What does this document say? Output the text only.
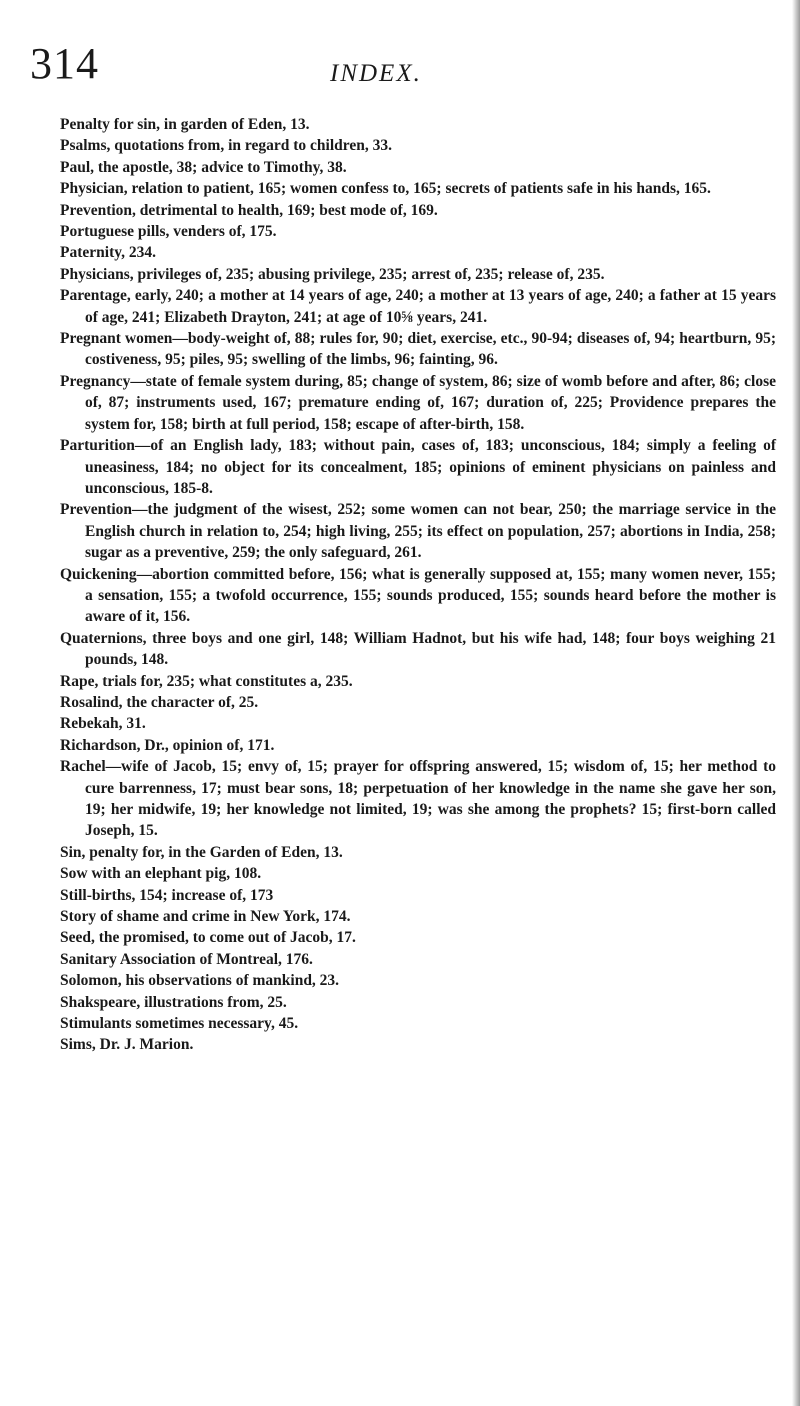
314	INDEX.
Penalty for sin, in garden of Eden, 13.
Psalms, quotations from, in regard to children, 33.
Paul, the apostle, 38; advice to Timothy, 38.
Physician, relation to patient, 165; women confess to, 165; secrets of patients safe in his hands, 165.
Prevention, detrimental to health, 169; best mode of, 169.
Portuguese pills, venders of, 175.
Paternity, 234.
Physicians, privileges of, 235; abusing privilege, 235; arrest of, 235; release of, 235.
Parentage, early, 240; a mother at 14 years of age, 240; a mother at 13 years of age, 240; a father at 15 years of age, 241; Elizabeth Drayton, 241; at age of 10⅝ years, 241.
Pregnant women—body-weight of, 88; rules for, 90; diet, exercise, etc., 90-94; diseases of, 94; heartburn, 95; costiveness, 95; piles, 95; swelling of the limbs, 96; fainting, 96.
Pregnancy—state of female system during, 85; change of system, 86; size of womb before and after, 86; close of, 87; instruments used, 167; premature ending of, 167; duration of, 225; Providence prepares the system for, 158; birth at full period, 158; escape of after-birth, 158.
Parturition—of an English lady, 183; without pain, cases of, 183; unconscious, 184; simply a feeling of uneasiness, 184; no object for its concealment, 185; opinions of eminent physicians on painless and unconscious, 185-8.
Prevention—the judgment of the wisest, 252; some women can not bear, 250; the marriage service in the English church in relation to, 254; high living, 255; its effect on population, 257; abortions in India, 258; sugar as a preventive, 259; the only safeguard, 261.
Quickening—abortion committed before, 156; what is generally supposed at, 155; many women never, 155; a sensation, 155; a twofold occurrence, 155; sounds produced, 155; sounds heard before the mother is aware of it, 156.
Quaternions, three boys and one girl, 148; William Hadnot, but his wife had, 148; four boys weighing 21 pounds, 148.
Rape, trials for, 235; what constitutes a, 235.
Rosalind, the character of, 25.
Rebekah, 31.
Richardson, Dr., opinion of, 171.
Rachel—wife of Jacob, 15; envy of, 15; prayer for offspring answered, 15; wisdom of, 15; her method to cure barrenness, 17; must bear sons, 18; perpetuation of her knowledge in the name she gave her son, 19; her midwife, 19; her knowledge not limited, 19; was she among the prophets? 15; first-born called Joseph, 15.
Sin, penalty for, in the Garden of Eden, 13.
Sow with an elephant pig, 108.
Still-births, 154; increase of, 173
Story of shame and crime in New York, 174.
Seed, the promised, to come out of Jacob, 17.
Sanitary Association of Montreal, 176.
Solomon, his observations of mankind, 23.
Shakspeare, illustrations from, 25.
Stimulants sometimes necessary, 45.
Sims, Dr. J. Marion.
